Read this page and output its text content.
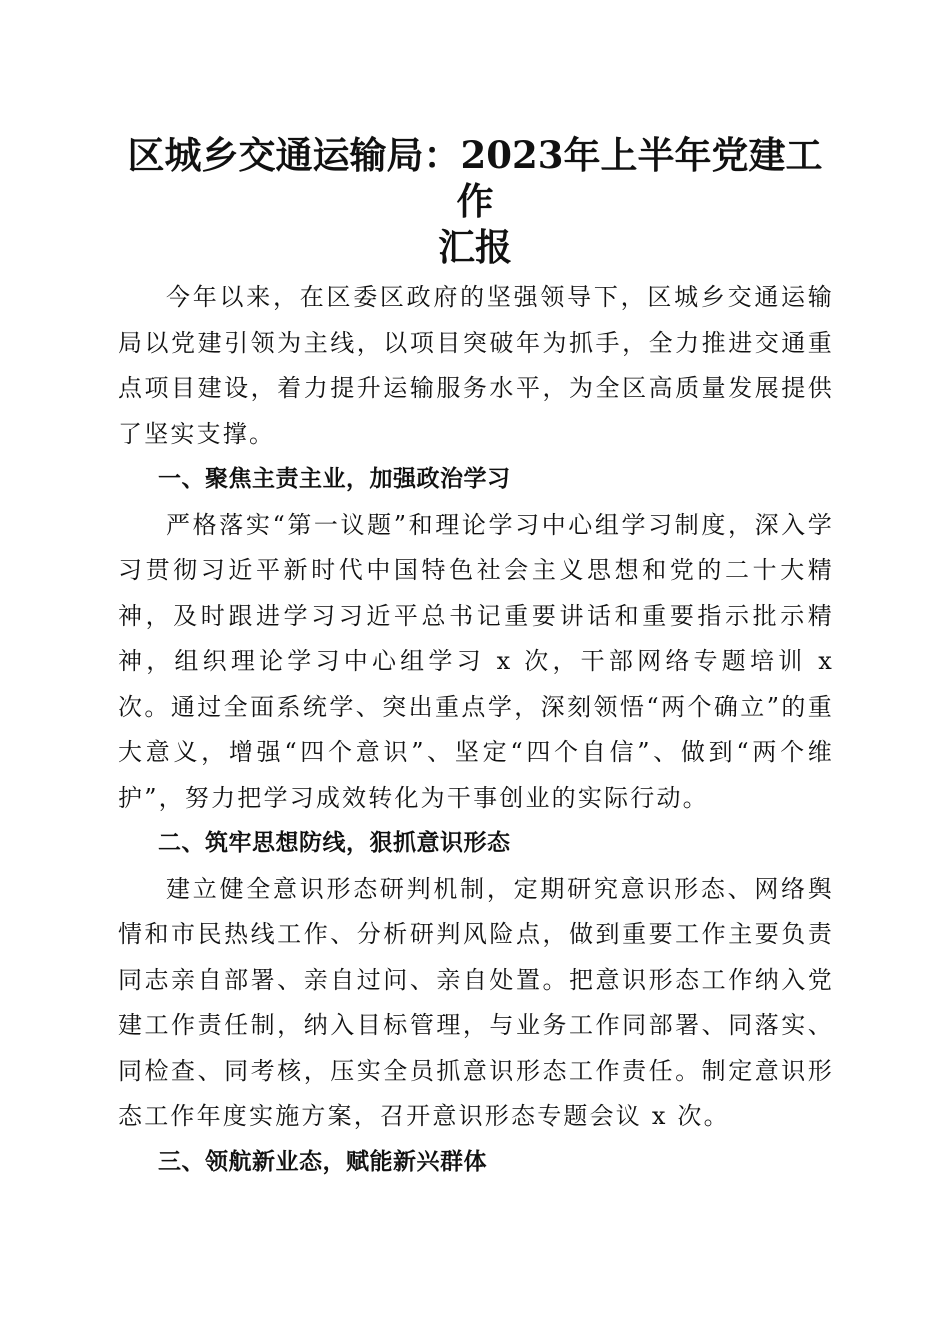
区城乡交通运输局：2023年上半年党建工作
汇报

今年以来，在区委区政府的坚强领导下，区城乡交通运输局以党建引领为主线，以项目突破年为抓手，全力推进交通重点项目建设，着力提升运输服务水平，为全区高质量发展提供了坚实支撑。

一、聚焦主责主业，加强政治学习

严格落实“第一议题”和理论学习中心组学习制度，深入学习贯彻习近平新时代中国特色社会主义思想和党的二十大精神，及时跟进学习习近平总书记重要讲话和重要指示批示精神，组织理论学习中心组学习 x 次，干部网络专题培训 x 次。通过全面系统学、突出重点学，深刻领悟“两个确立”的重大意义，增强“四个意识”、坚定“四个自信”、做到“两个维护”，努力把学习成效转化为干事创业的实际行动。

二、筑牢思想防线，狠抓意识形态

建立健全意识形态研判机制，定期研究意识形态、网络舆情和市民热线工作、分析研判风险点，做到重要工作主要负责同志亲自部署、亲自过问、亲自处置。把意识形态工作纳入党建工作责任制，纳入目标管理，与业务工作同部署、同落实、同检查、同考核，压实全员抓意识形态工作责任。制定意识形态工作年度实施方案，召开意识形态专题会议 x 次。

三、领航新业态，赋能新兴群体
